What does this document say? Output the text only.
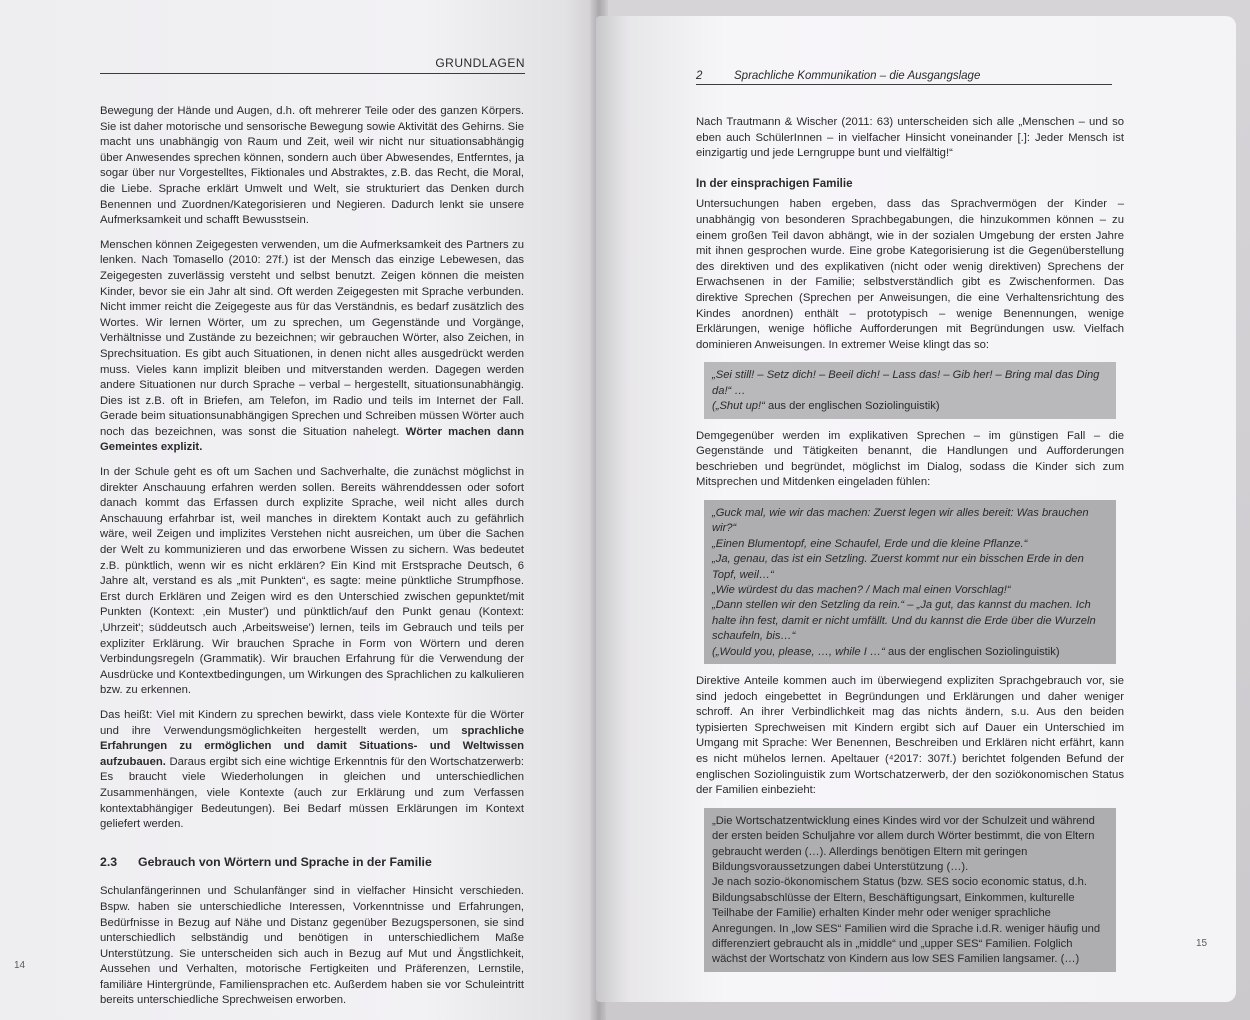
GRUNDLAGEN

Bewegung der Hände und Augen, d.h. oft mehrerer Teile oder des ganzen Körpers. Sie ist daher motorische und sensorische Bewegung sowie Aktivität des Gehirns. Sie macht uns unabhängig von Raum und Zeit, weil wir nicht nur situationsabhängig über Anwesendes sprechen können, sondern auch über Abwesendes, Entferntes, ja sogar über nur Vorgestelltes, Fiktionales und Abstraktes, z.B. das Recht, die Moral, die Liebe. Sprache erklärt Umwelt und Welt, sie strukturiert das Denken durch Benennen und Zuordnen/Kategorisieren und Negieren. Dadurch lenkt sie unsere Aufmerksamkeit und schafft Bewusstsein.

Menschen können Zeigegesten verwenden, um die Aufmerksamkeit des Partners zu lenken. Nach Tomasello (2010: 27f.) ist der Mensch das einzige Lebewesen, das Zeigegesten zuverlässig versteht und selbst benutzt. Zeigen können die meisten Kinder, bevor sie ein Jahr alt sind. Oft werden Zeigegesten mit Sprache verbunden. Nicht immer reicht die Zeigegeste aus für das Verständnis, es bedarf zusätzlich des Wortes. Wir lernen Wörter, um zu sprechen, um Gegenstände und Vorgänge, Verhältnisse und Zustände zu bezeichnen; wir gebrauchen Wörter, also Zeichen, in Sprechsituation. Es gibt auch Situationen, in denen nicht alles ausgedrückt werden muss. Vieles kann implizit bleiben und mitverstanden werden. Dagegen werden andere Situationen nur durch Sprache – verbal – hergestellt, situationsunabhängig. Dies ist z.B. oft in Briefen, am Telefon, im Radio und teils im Internet der Fall. Gerade beim situationsunabhängigen Sprechen und Schreiben müssen Wörter auch noch das bezeichnen, was sonst die Situation nahelegt. Wörter machen dann Gemeintes explizit.

In der Schule geht es oft um Sachen und Sachverhalte, die zunächst möglichst in direkter Anschauung erfahren werden sollen. Bereits währenddessen oder sofort danach kommt das Erfassen durch explizite Sprache, weil nicht alles durch Anschauung erfahrbar ist, weil manches in direktem Kontakt auch zu gefährlich wäre, weil Zeigen und implizites Verstehen nicht ausreichen, um über die Sachen der Welt zu kommunizieren und das erworbene Wissen zu sichern. Was bedeutet z.B. pünktlich, wenn wir es nicht erklären? Ein Kind mit Erstsprache Deutsch, 6 Jahre alt, verstand es als „mit Punkten“, es sagte: meine pünktliche Strumpfhose. Erst durch Erklären und Zeigen wird es den Unterschied zwischen gepunktet/mit Punkten (Kontext: ‚ein Muster') und pünktlich/auf den Punkt genau (Kontext: ‚Uhrzeit'; süddeutsch auch ‚Arbeitsweise') lernen, teils im Gebrauch und teils per expliziter Erklärung. Wir brauchen Sprache in Form von Wörtern und deren Verbindungsregeln (Grammatik). Wir brauchen Erfahrung für die Verwendung der Ausdrücke und Kontextbedingungen, um Wirkungen des Sprachlichen zu kalkulieren bzw. zu erkennen.

Das heißt: Viel mit Kindern zu sprechen bewirkt, dass viele Kontexte für die Wörter und ihre Verwendungsmöglichkeiten hergestellt werden, um sprachliche Erfahrungen zu ermöglichen und damit Situations- und Weltwissen aufzubauen. Daraus ergibt sich eine wichtige Erkenntnis für den Wortschatzerwerb: Es braucht viele Wiederholungen in gleichen und unterschiedlichen Zusammenhängen, viele Kontexte (auch zur Erklärung und zum Verfassen kontextabhängiger Bedeutungen). Bei Bedarf müssen Erklärungen im Kontext geliefert werden.

2.3	Gebrauch von Wörtern und Sprache in der Familie

Schulanfängerinnen und Schulanfänger sind in vielfacher Hinsicht verschieden. Bspw. haben sie unterschiedliche Interessen, Vorkenntnisse und Erfahrungen, Bedürfnisse in Bezug auf Nähe und Distanz gegenüber Bezugspersonen, sie sind unterschiedlich selbständig und benötigen in unterschiedlichem Maße Unterstützung. Sie unterscheiden sich auch in Bezug auf Mut und Ängstlichkeit, Aussehen und Verhalten, motorische Fertigkeiten und Präferenzen, Lernstile, familiäre Hintergründe, Familiensprachen etc. Außerdem haben sie vor Schuleintritt bereits unterschiedliche Sprechweisen erworben.

14
2	Sprachliche Kommunikation – die Ausgangslage

Nach Trautmann & Wischer (2011: 63) unterscheiden sich alle „Menschen – und so eben auch SchülerInnen – in vielfacher Hinsicht voneinander [.]: Jeder Mensch ist einzigartig und jede Lerngruppe bunt und vielfältig!“

In der einsprachigen Familie

Untersuchungen haben ergeben, dass das Sprachvermögen der Kinder – unabhängig von besonderen Sprachbegabungen, die hinzukommen können – zu einem großen Teil davon abhängt, wie in der sozialen Umgebung der ersten Jahre mit ihnen gesprochen wurde. Eine grobe Kategorisierung ist die Gegenüberstellung des direktiven und des explikativen (nicht oder wenig direktiven) Sprechens der Erwachsenen in der Familie; selbstverständlich gibt es Zwischenformen. Das direktive Sprechen (Sprechen per Anweisungen, die eine Verhaltensrichtung des Kindes anordnen) enthält – prototypisch – wenige Benennungen, wenige Erklärungen, wenige höfliche Aufforderungen mit Begründungen usw. Vielfach dominieren Anweisungen. In extremer Weise klingt das so:

„Sei still! – Setz dich! – Beeil dich! – Lass das! – Gib her! – Bring mal das Ding da!“ …
(„Shut up!“ aus der englischen Soziolinguistik)

Demgegenüber werden im explikativen Sprechen – im günstigen Fall – die Gegenstände und Tätigkeiten benannt, die Handlungen und Aufforderungen beschrieben und begründet, möglichst im Dialog, sodass die Kinder sich zum Mitsprechen und Mitdenken eingeladen fühlen:

„Guck mal, wie wir das machen: Zuerst legen wir alles bereit: Was brauchen wir?“
„Einen Blumentopf, eine Schaufel, Erde und die kleine Pflanze.“
„Ja, genau, das ist ein Setzling. Zuerst kommt nur ein bisschen Erde in den Topf, weil…“
„Wie würdest du das machen? / Mach mal einen Vorschlag!“
„Dann stellen wir den Setzling da rein.“ – „Ja gut, das kannst du machen. Ich halte ihn fest, damit er nicht umfällt. Und du kannst die Erde über die Wurzeln schaufeln, bis…“
(„Would you, please, …, while I …“ aus der englischen Soziolinguistik)

Direktive Anteile kommen auch im überwiegend expliziten Sprachgebrauch vor, sie sind jedoch eingebettet in Begründungen und Erklärungen und daher weniger schroff. An ihrer Verbindlichkeit mag das nichts ändern, s.u. Aus den beiden typisierten Sprechweisen mit Kindern ergibt sich auf Dauer ein Unterschied im Umgang mit Sprache: Wer Benennen, Beschreiben und Erklären nicht erfährt, kann es nicht mühelos lernen. Apeltauer (⁴2017: 307f.) berichtet folgenden Befund der englischen Soziolinguistik zum Wortschatzerwerb, der den soziökonomischen Status der Familien einbezieht:

„Die Wortschatzentwicklung eines Kindes wird vor der Schulzeit und während der ersten beiden Schuljahre vor allem durch Wörter bestimmt, die von Eltern gebraucht werden (…). Allerdings benötigen Eltern mit geringen Bildungsvoraussetzungen dabei Unterstützung (…).
Je nach sozio-ökonomischem Status (bzw. SES socio economic status, d.h. Bildungsabschlüsse der Eltern, Beschäftigungsart, Einkommen, kulturelle Teilhabe der Familie) erhalten Kinder mehr oder weniger sprachliche Anregungen. In „low SES“ Familien wird die Sprache i.d.R. weniger häufig und differenziert gebraucht als in „middle“ und „upper SES“ Familien. Folglich wächst der Wortschatz von Kindern aus low SES Familien langsamer. (…)
15
